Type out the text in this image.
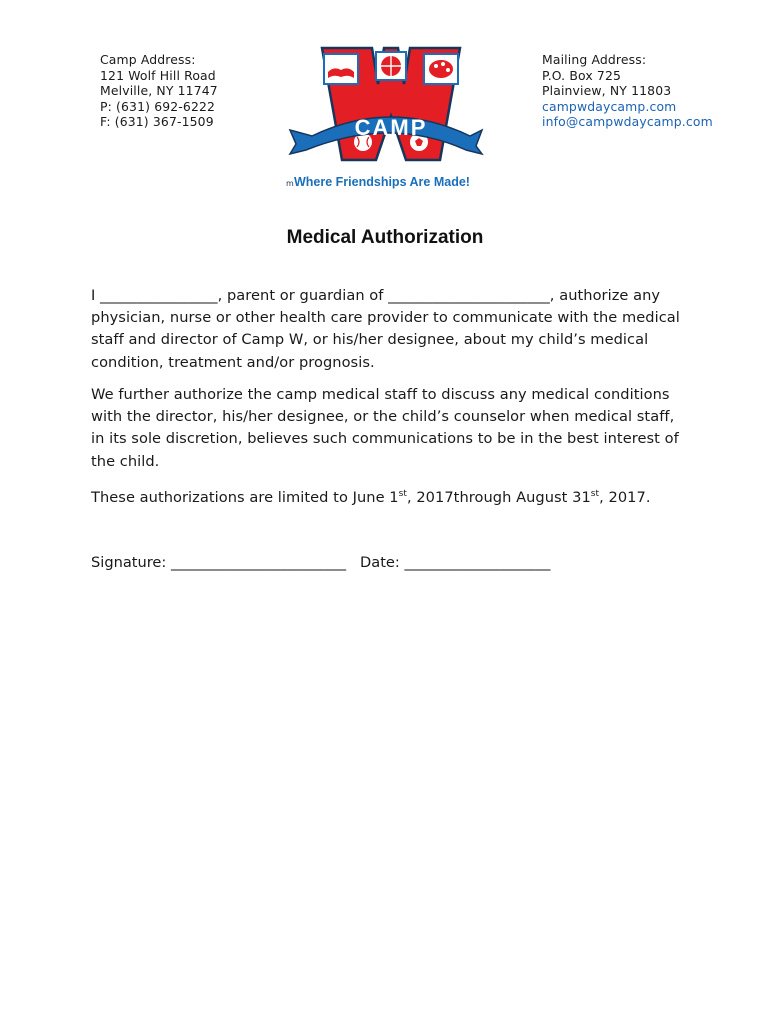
Camp Address:
121 Wolf Hill Road
Melville, NY 11747
P: (631) 692-6222
F: (631) 367-1509	CAMP
m Where Friendships Are Made!
Mailing Address:
P.O. Box 725
Plainview, NY 11803
campwdaycamp.com
info@campwdaycamp.com
Medical Authorization
I ________________, parent or guardian of ______________________, authorize any physician, nurse or other health care provider to communicate with the medical staff and director of Camp W, or his/her designee, about my child’s medical condition, treatment and/or prognosis.
We further authorize the camp medical staff to discuss any medical conditions with the director, his/her designee, or the child’s counselor when medical staff, in its sole discretion, believes such communications to be in the best interest of the child.
These authorizations are limited to June 1st, 2017through August 31st, 2017.
Signature: ________________________ Date: ____________________
